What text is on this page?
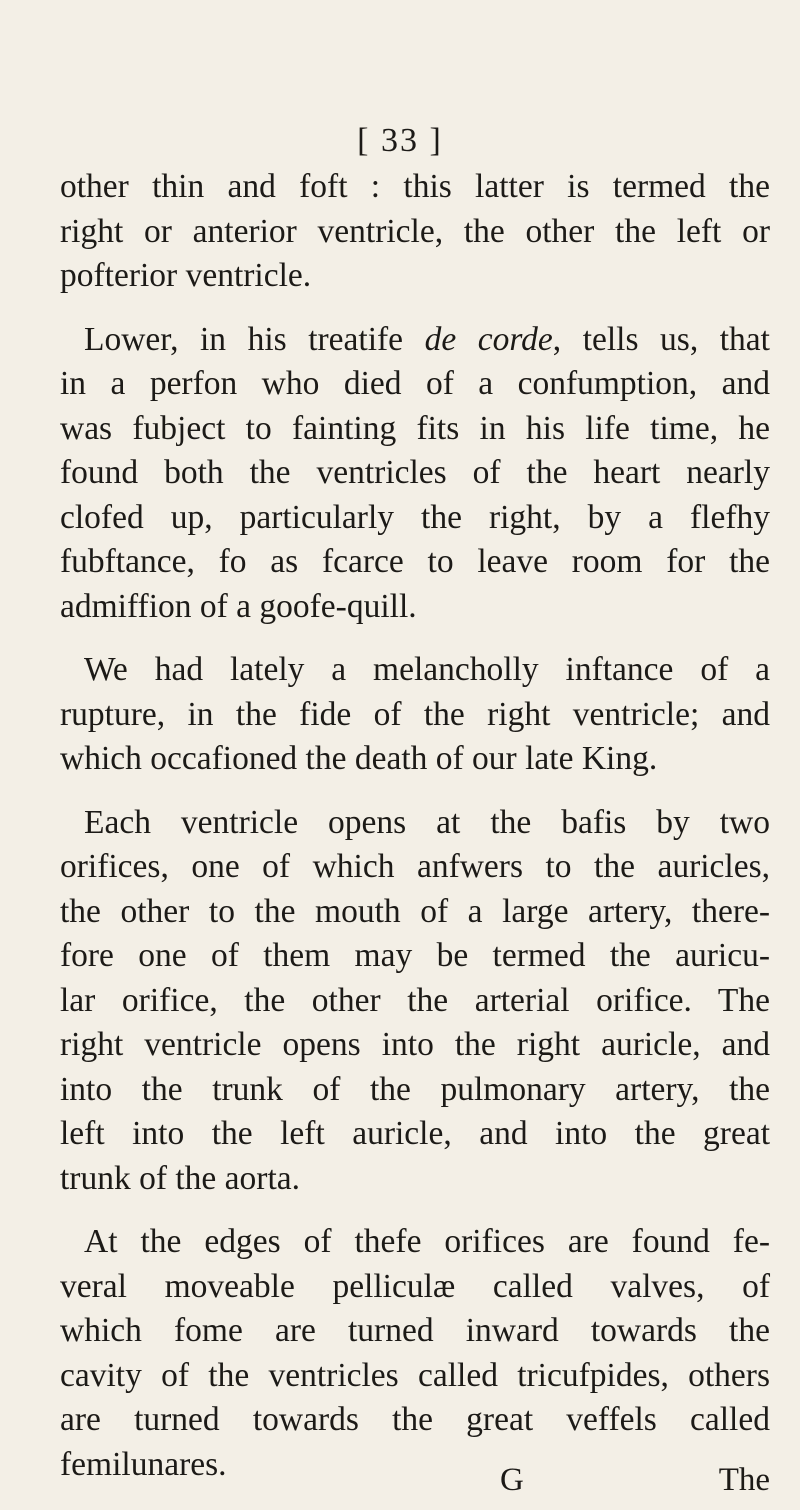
[ 33 ]
other thin and foft : this latter is termed the
right or anterior ventricle, the other the left or
pofterior ventricle.
Lower, in his treatife de corde, tells us, that
in a perfon who died of a confumption, and
was fubject to fainting fits in his life time, he
found both the ventricles of the heart nearly
clofed up, particularly the right, by a flefhy
fubftance, fo as fcarce to leave room for the
admiffion of a goofe-quill.
We had lately a melancholly inftance of a
rupture, in the fide of the right ventricle; and
which occafioned the death of our late King.
Each ventricle opens at the bafis by two
orifices, one of which anfwers to the auricles,
the other to the mouth of a large artery, there-
fore one of them may be termed the auricu-
lar orifice, the other the arterial orifice. The
right ventricle opens into the right auricle, and
into the trunk of the pulmonary artery, the
left into the left auricle, and into the great
trunk of the aorta.
At the edges of thefe orifices are found fe-
veral moveable pelliculæ called valves, of
which fome are turned inward towards the
cavity of the ventricles called tricufpides, others
are turned towards the great veffels called
femilunares.	G	The
